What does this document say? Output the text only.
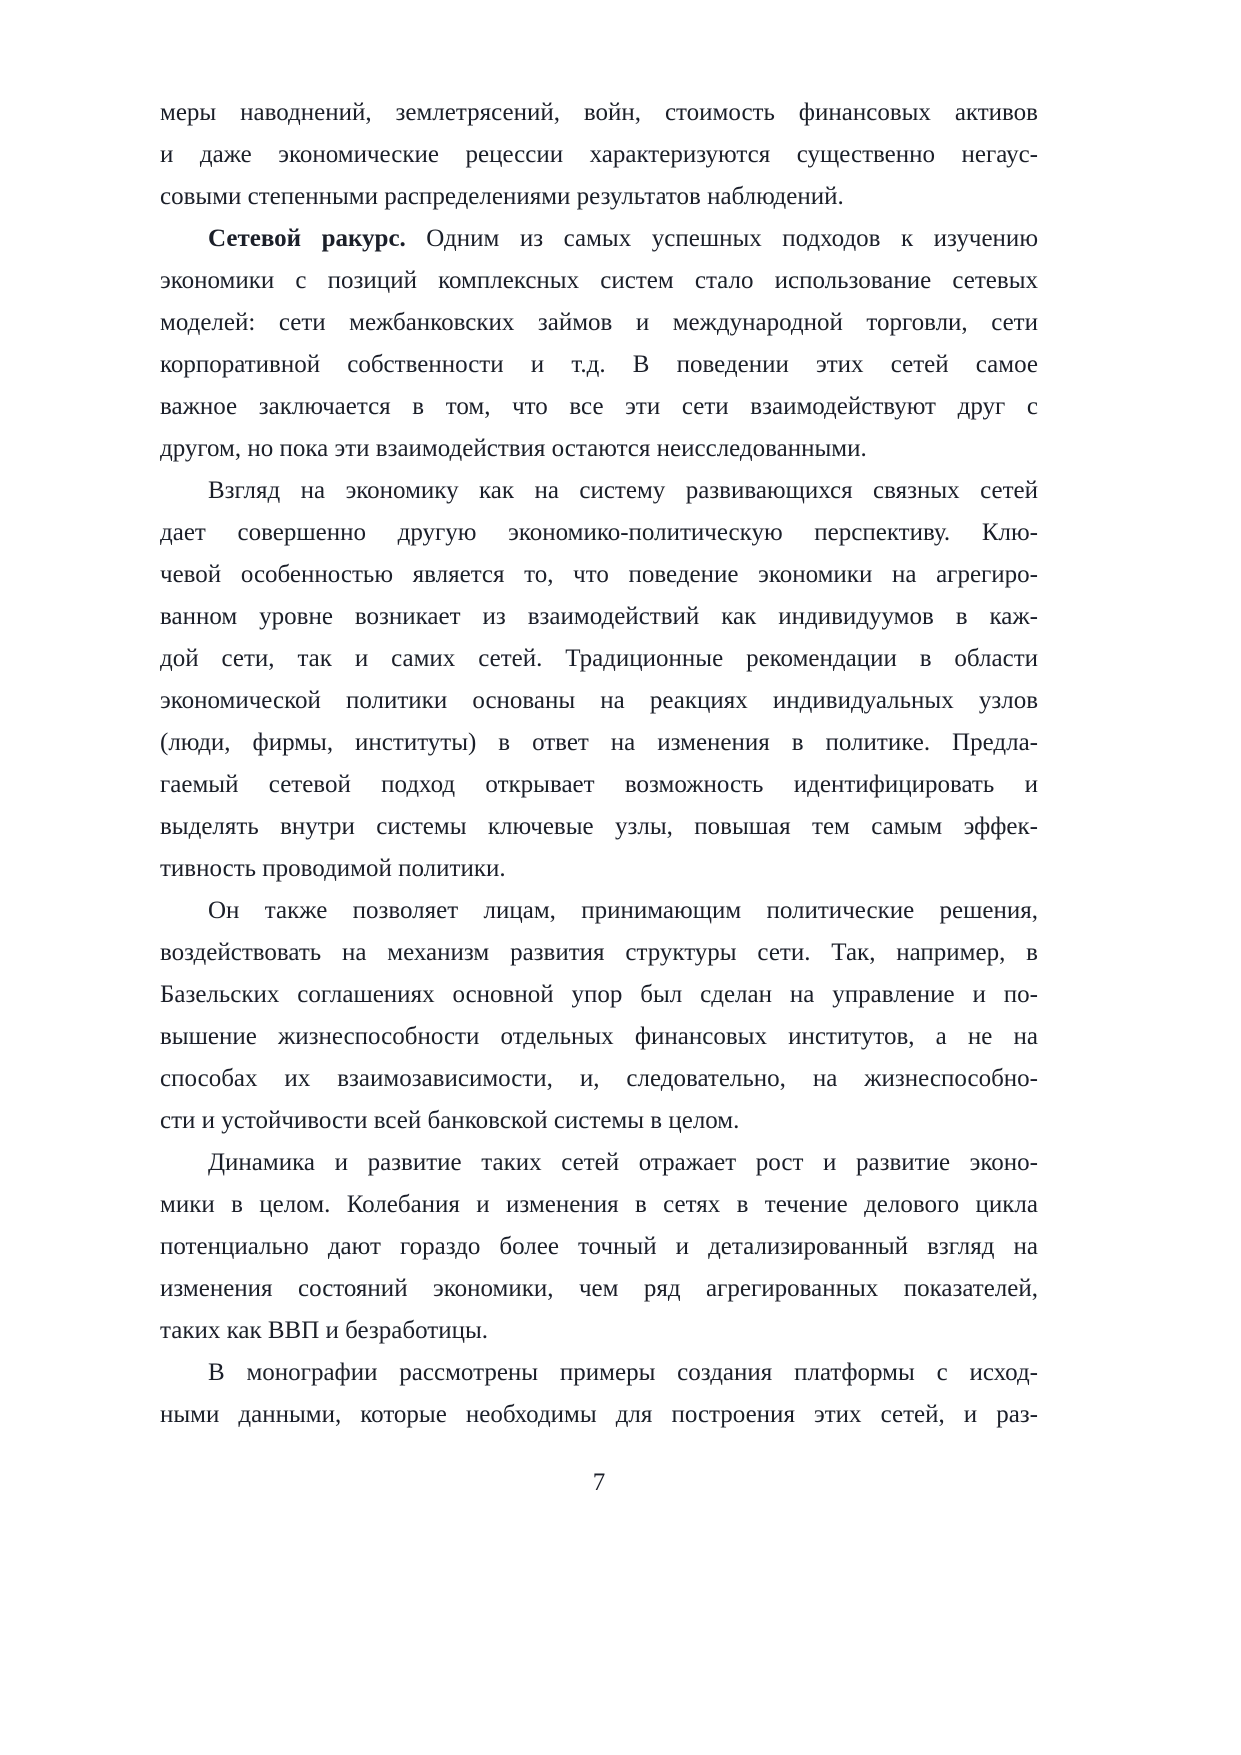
меры наводнений, землетрясений, войн, стоимость финансовых активов
и даже экономические рецессии характеризуются существенно негаус-
совыми степенными распределениями результатов наблюдений.
Сетевой ракурс. Одним из самых успешных подходов к изучению
экономики с позиций комплексных систем стало использование сетевых
моделей: сети межбанковских займов и международной торговли, сети
корпоративной собственности и т.д. В поведении этих сетей самое
важное заключается в том, что все эти сети взаимодействуют друг с
другом, но пока эти взаимодействия остаются неисследованными.
Взгляд на экономику как на систему развивающихся связных сетей
дает совершенно другую экономико-политическую перспективу. Клю-
чевой особенностью является то, что поведение экономики на агрегиро-
ванном уровне возникает из взаимодействий как индивидуумов в каж-
дой сети, так и самих сетей. Традиционные рекомендации в области
экономической политики основаны на реакциях индивидуальных узлов
(люди, фирмы, институты) в ответ на изменения в политике. Предла-
гаемый сетевой подход открывает возможность идентифицировать и
выделять внутри системы ключевые узлы, повышая тем самым эффек-
тивность проводимой политики.
Он также позволяет лицам, принимающим политические решения,
воздействовать на механизм развития структуры сети. Так, например, в
Базельских соглашениях основной упор был сделан на управление и по-
вышение жизнеспособности отдельных финансовых институтов, а не на
способах их взаимозависимости, и, следовательно, на жизнеспособно-
сти и устойчивости всей банковской системы в целом.
Динамика и развитие таких сетей отражает рост и развитие эконо-
мики в целом. Колебания и изменения в сетях в течение делового цикла
потенциально дают гораздо более точный и детализированный взгляд на
изменения состояний экономики, чем ряд агрегированных показателей,
таких как ВВП и безработицы.
В монографии рассмотрены примеры создания платформы с исход-
ными данными, которые необходимы для построения этих сетей, и раз-
7
